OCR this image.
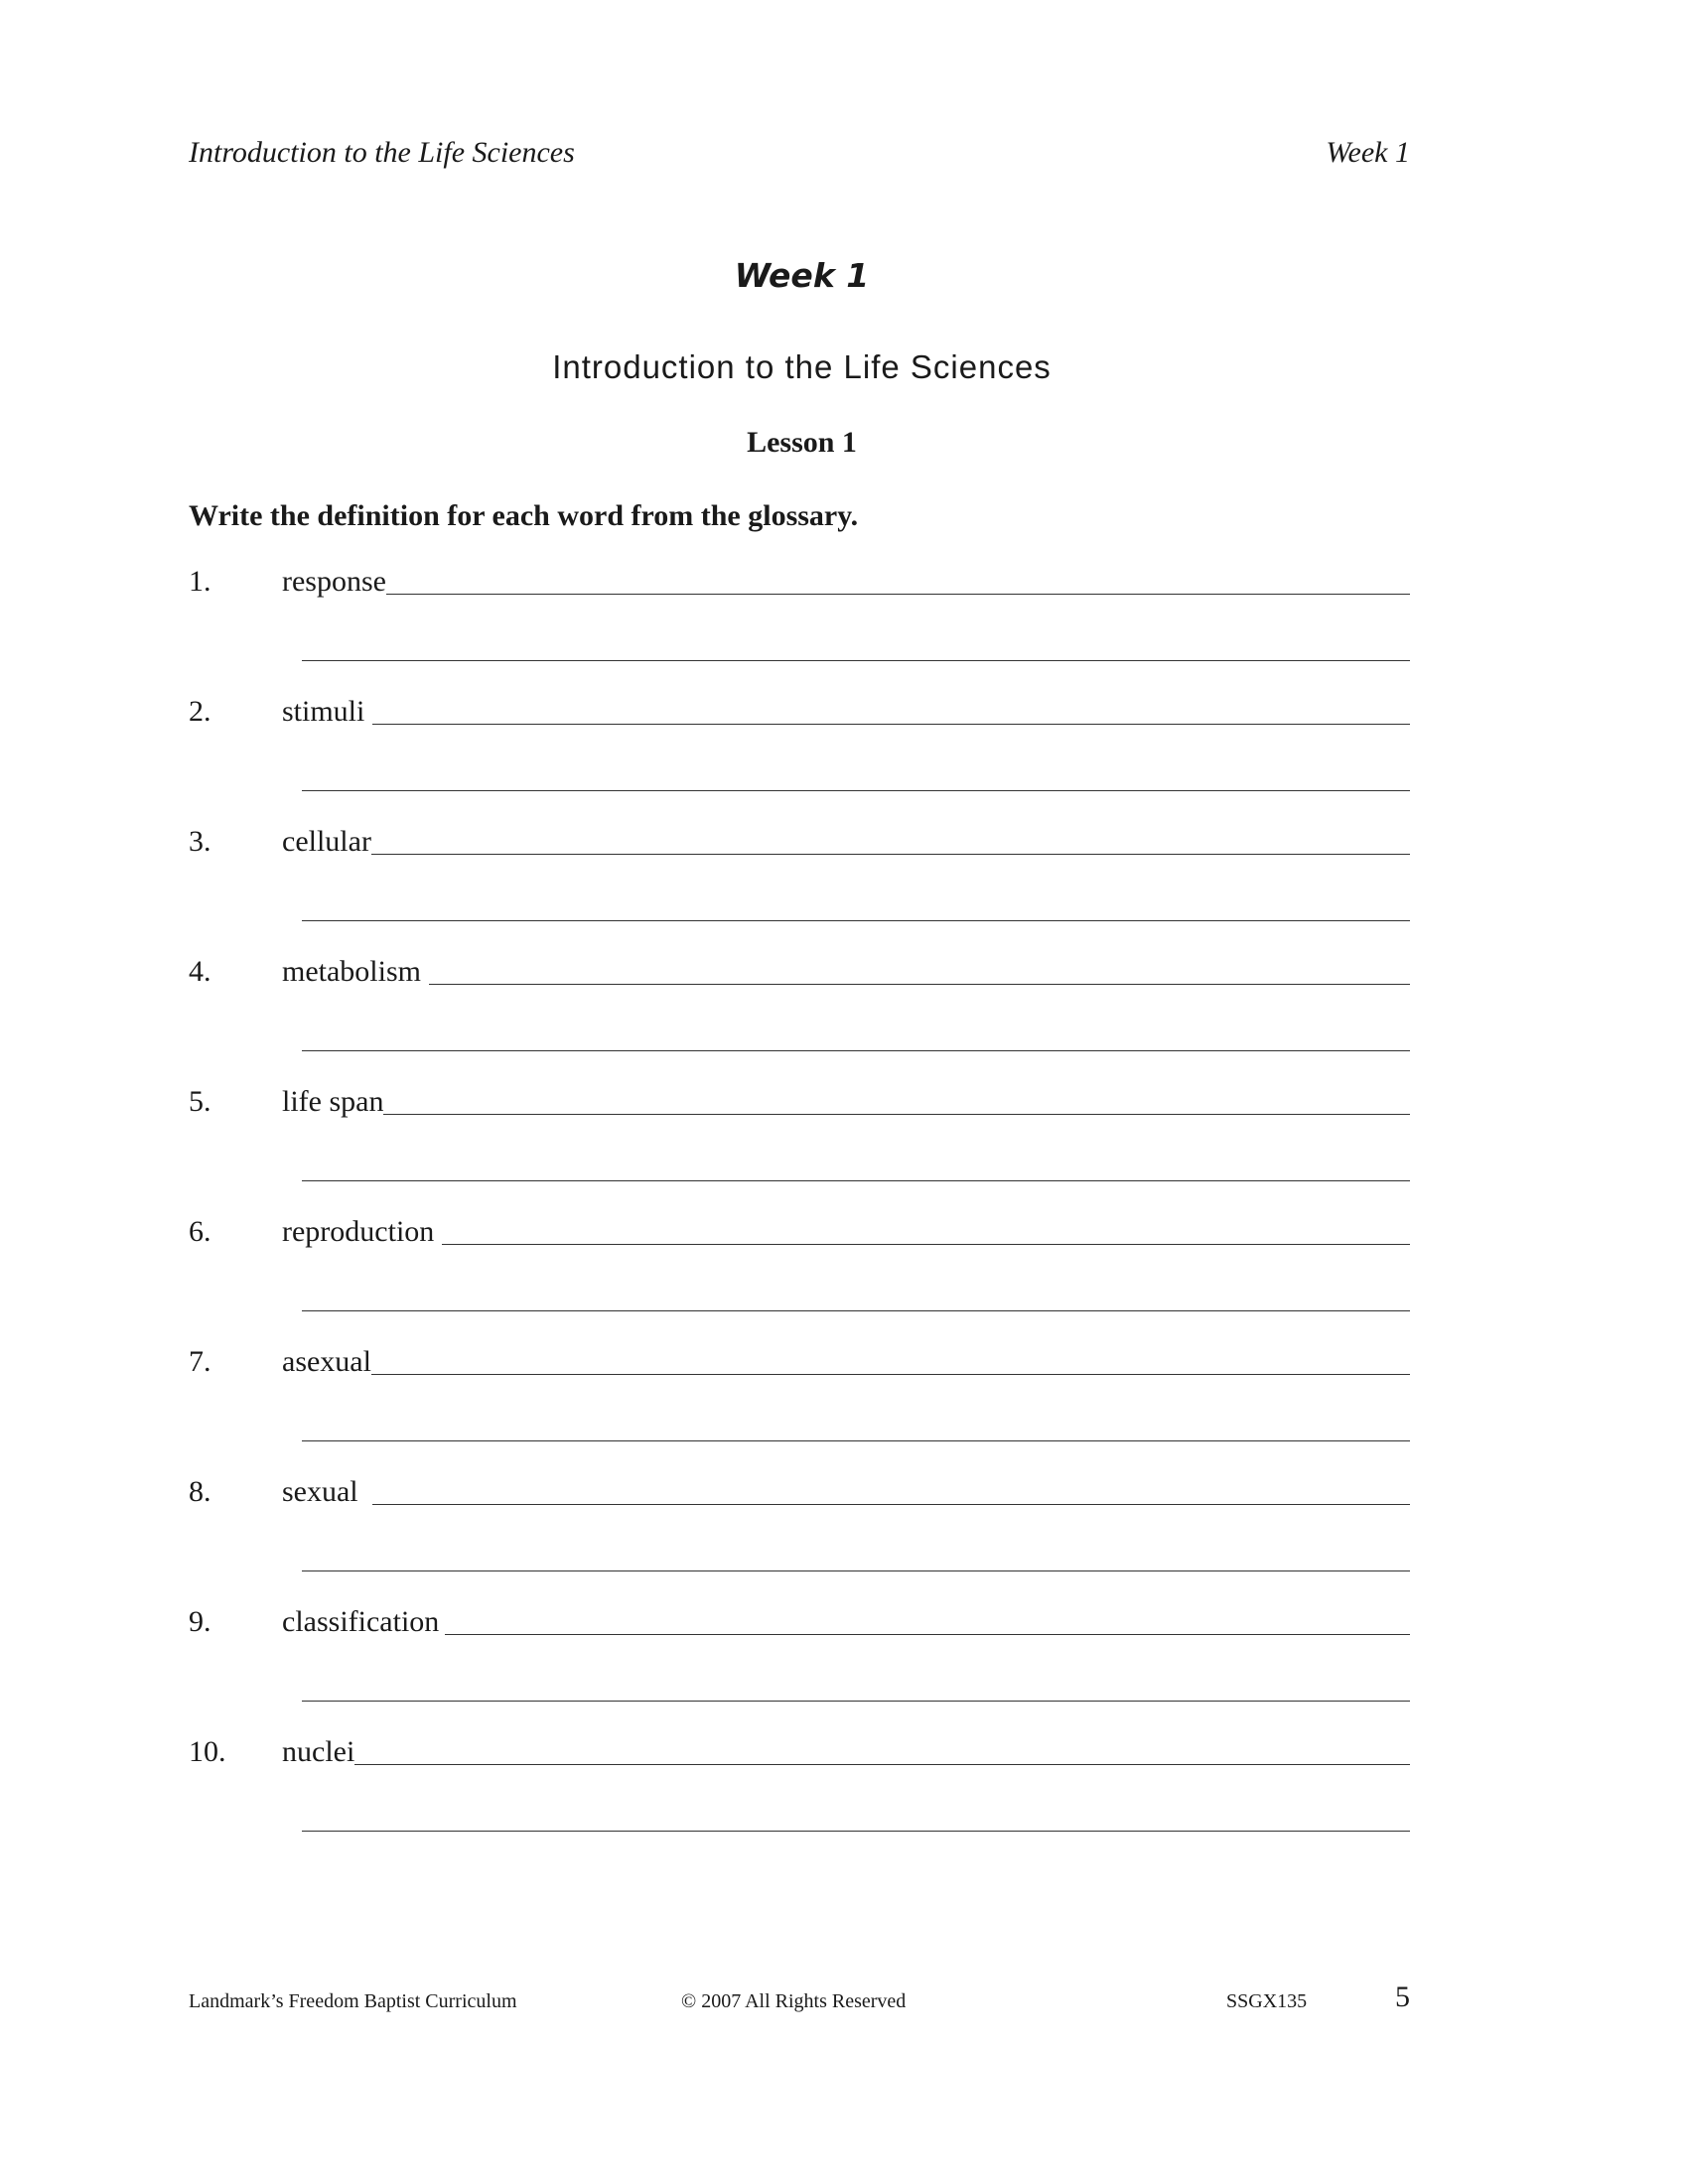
Introduction to the Life Sciences	Week 1
Week 1
Introduction to the Life Sciences
Lesson 1
Write the definition for each word from the glossary.
1. response
2. stimuli
3. cellular
4. metabolism
5. life span
6. reproduction
7. asexual
8. sexual
9. classification
10. nuclei
Landmark’s Freedom Baptist Curriculum	© 2007 All Rights Reserved	SSGX135	5
